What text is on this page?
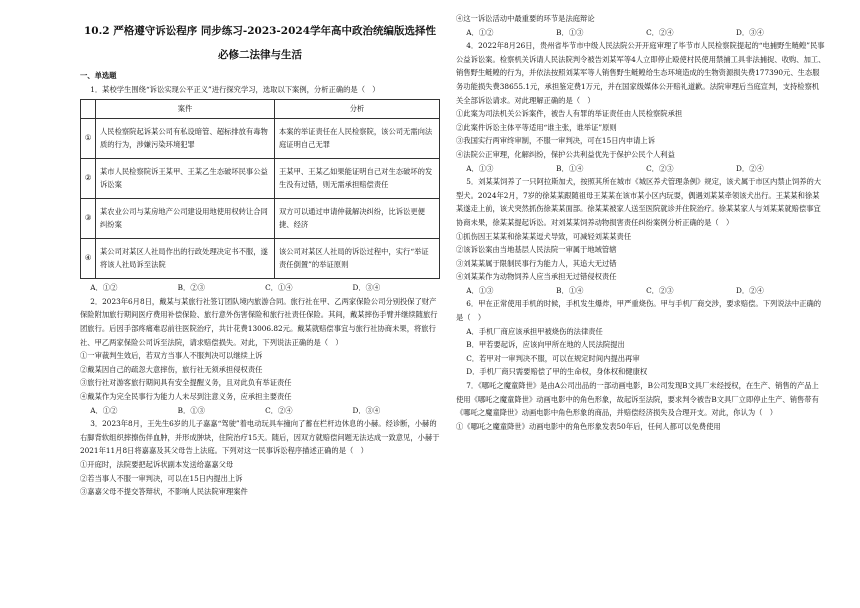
10.2 严格遵守诉讼程序 同步练习-2023-2024学年高中政治统编版选择性
必修二法律与生活

一、单选题

1．某校学生围绕“诉讼实现公平正义”进行探究学习，选取以下案例，分析正确的是（　）

	案件	分析
①	人民检察院起诉某公司有私设暗管、超标排放有毒物质的行为，涉嫌污染环境犯罪	本案的举证责任在人民检察院，该公司无需向法庭证明自己无罪
②	某市人民检察院诉王某甲、王某乙生态破坏民事公益诉讼案	王某甲、王某乙如果能证明自己对生态破坏的发生没有过错，则无需承担赔偿责任
③	某农业公司与某房地产公司建设用地使用权转让合同纠纷案	双方可以通过申请仲裁解决纠纷，比诉讼更便捷、经济
④	某公司对某区人社局作出的行政处理决定书不服，遂将该人社局诉至法院	该公司对某区人社局的诉讼过程中，实行“举证责任倒置”的举证原则
A．①②	B．②③	C．①④	D．③④

2．2023年6月8日，戴某与某旅行社签订团队境内旅游合同。旅行社在甲、乙两家保险公司分别投保了财产保险附加旅行期间医疗费用补偿保险、旅行意外伤害保险和旅行社责任保险。其间，戴某摔伤手臂并继续随旅行团旅行。后因手部疼痛难忍前往医院治疗，共计花费13006.82元。戴某就赔偿事宜与旅行社协商未果，将旅行社、甲乙两家保险公司诉至法院，请求赔偿损失。对此，下列说法正确的是（　）

①一审裁判生效后，若双方当事人不服判决可以继续上诉

②戴某因自己的疏忽大意摔伤，旅行社无须承担侵权责任

③旅行社对游客旅行期间具有安全提醒义务，且对此负有举证责任

④戴某作为完全民事行为能力人未尽到注意义务，应承担主要责任

A．①②	B．①③	C．②④	D．③④

3．2023年8月，王先生6岁的儿子嘉嘉“驾驶”着电动玩具车撞向了蓄在栏杆边休息的小赫。经诊断，小赫的右脚背软组织摔擦伤伴血肿，并形成肿块，住院治疗15天。随后，因双方就赔偿问题无法达成一致意见，小赫于2021年11月8日将嘉嘉及其父母告上法庭。下列对这一民事诉讼程序描述正确的是（　）

①开庭时，法院要把起诉状副本发送给嘉嘉父母

②若当事人不服一审判决，可以在15日内提出上诉

③嘉嘉父母不提交答辩状，不影响人民法院审理案件

④这一诉讼活动中最重要的环节是法庭辩论

A．①②	B．①③	C．②④	D．③④

4．2022年8月26日，贵州省毕节市中级人民法院公开开庭审理了毕节市人民检察院提起的“电捕野生鲢鳇”民事公益诉讼案。检察机关诉请人民法院判令被告刘某军等4人立即停止殴使村民使用禁捕工具非法捕捉、收购、加工、销售野生鲢鳇的行为，并依法按照刘某军等人销售野生鲢鳇给生态环境造成的生物资源损失费177390元、生态服务功能损失费38655.1元，承担鉴定费1万元，并在国家级媒体公开赔礼道歉。法院审理后当庭宣判，支持检察机关全部诉讼请求。对此理解正确的是（　）

①此案为司法机关公诉案件，被告人有罪的举证责任由人民检察院承担

②此案件诉讼主体平等适用“谁主张，谁举证”原则

③我国实行两审终审制，不服一审判决，可在15日内申请上诉

④法院公正审理，化解纠纷，保护公共利益优先于保护公民个人利益

A．①③	B．①④	C．②③	D．②④

5．刘某某饲养了一只阿拉斯加犬，按照其所在城市《城区养犬管理条例》规定，该犬属于市区内禁止饲养的大型犬。2024年2月，7岁的徐某某跟随祖母王某某在该市某小区内玩耍，偶遇刘某某牵领该犬出行。王某某和徐某某遂走上前，该犬突然抓伤徐某某面部。徐某某被家人送至医院就诊并住院治疗。徐某某家人与刘某某就赔偿事宜协商未果，徐某某提起诉讼。对刘某某饲养动物损害责任纠纷案例分析正确的是（　）

①抓伤因王某某和徐某某逗犬导致，可减轻刘某某责任

②该诉讼案由当地基层人民法院一审属于地域管辖

③刘某某属于限制民事行为能力人，其追大无过错

④刘某某作为动物饲养人应当承担无过错侵权责任

A．①③	B．①④	C．②③	D．②④

6．甲在正常使用手机的时候，手机发生爆炸，甲严重烧伤。甲与手机厂商交涉，要求赔偿。下列说法中正确的是（　）

A．手机厂商应该承担甲被烧伤的法律责任

B．甲若要起诉，应该向甲所在地的人民法院提出

C．若甲对一审判决不服，可以在规定时间内提出再审

D．手机厂商只需要赔偿了甲的生命权，身体权和健康权

7．《哪吒之魔童降世》是由A公司出品的一部动画电影，B公司发现B文具厂未经授权，在生产、销售的产品上使用《哪吒之魔童降世》动画电影中的角色形象，故起诉至法院，要求判令被告B文具厂立即停止生产、销售带有《哪吒之魔童降世》动画电影中角色形象的商品，并赔偿经济损失及合理开支。对此，你认为（　）

①《哪吒之魔童降世》动画电影中的角色形象发表50年后，任何人都可以免费使用
